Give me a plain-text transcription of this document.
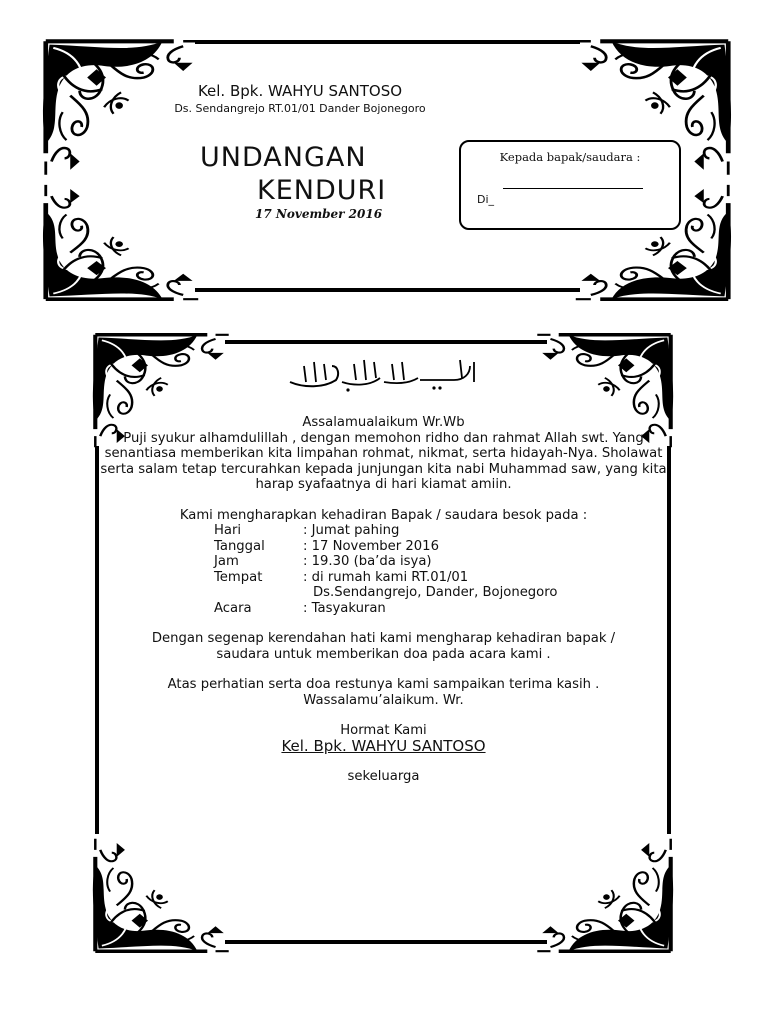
Kel. Bpk. WAHYU SANTOSO
Ds. Sendangrejo RT.01/01 Dander Bojonegoro
UNDANGAN
KENDURI
17 November 2016
Kepada bapak/saudara :
Di_

Assalamualaikum Wr.Wb

Puji syukur alhamdulillah , dengan memohon ridho dan rahmat Allah swt. Yang senantiasa memberikan kita limpahan rohmat, nikmat, serta hidayah-Nya. Sholawat serta salam tetap tercurahkan kepada junjungan kita nabi Muhammad saw, yang kita harap syafaatnya di hari kiamat amiin.

Kami mengharapkan kehadiran Bapak / saudara besok pada :

Hari	: Jumat pahing
Tanggal	: 17 November 2016
Jam	: 19.30 (ba’da isya)
Tempat	: di rumah kami RT.01/01
Ds.Sendangrejo, Dander, Bojonegoro
Acara	: Tasyakuran

Dengan segenap kerendahan hati kami mengharap kehadiran bapak / saudara untuk memberikan doa pada acara kami .

Atas perhatian serta doa restunya kami sampaikan terima kasih .

Wassalamu’alaikum. Wr.

Hormat Kami

Kel. Bpk. WAHYU SANTOSO

sekeluarga
